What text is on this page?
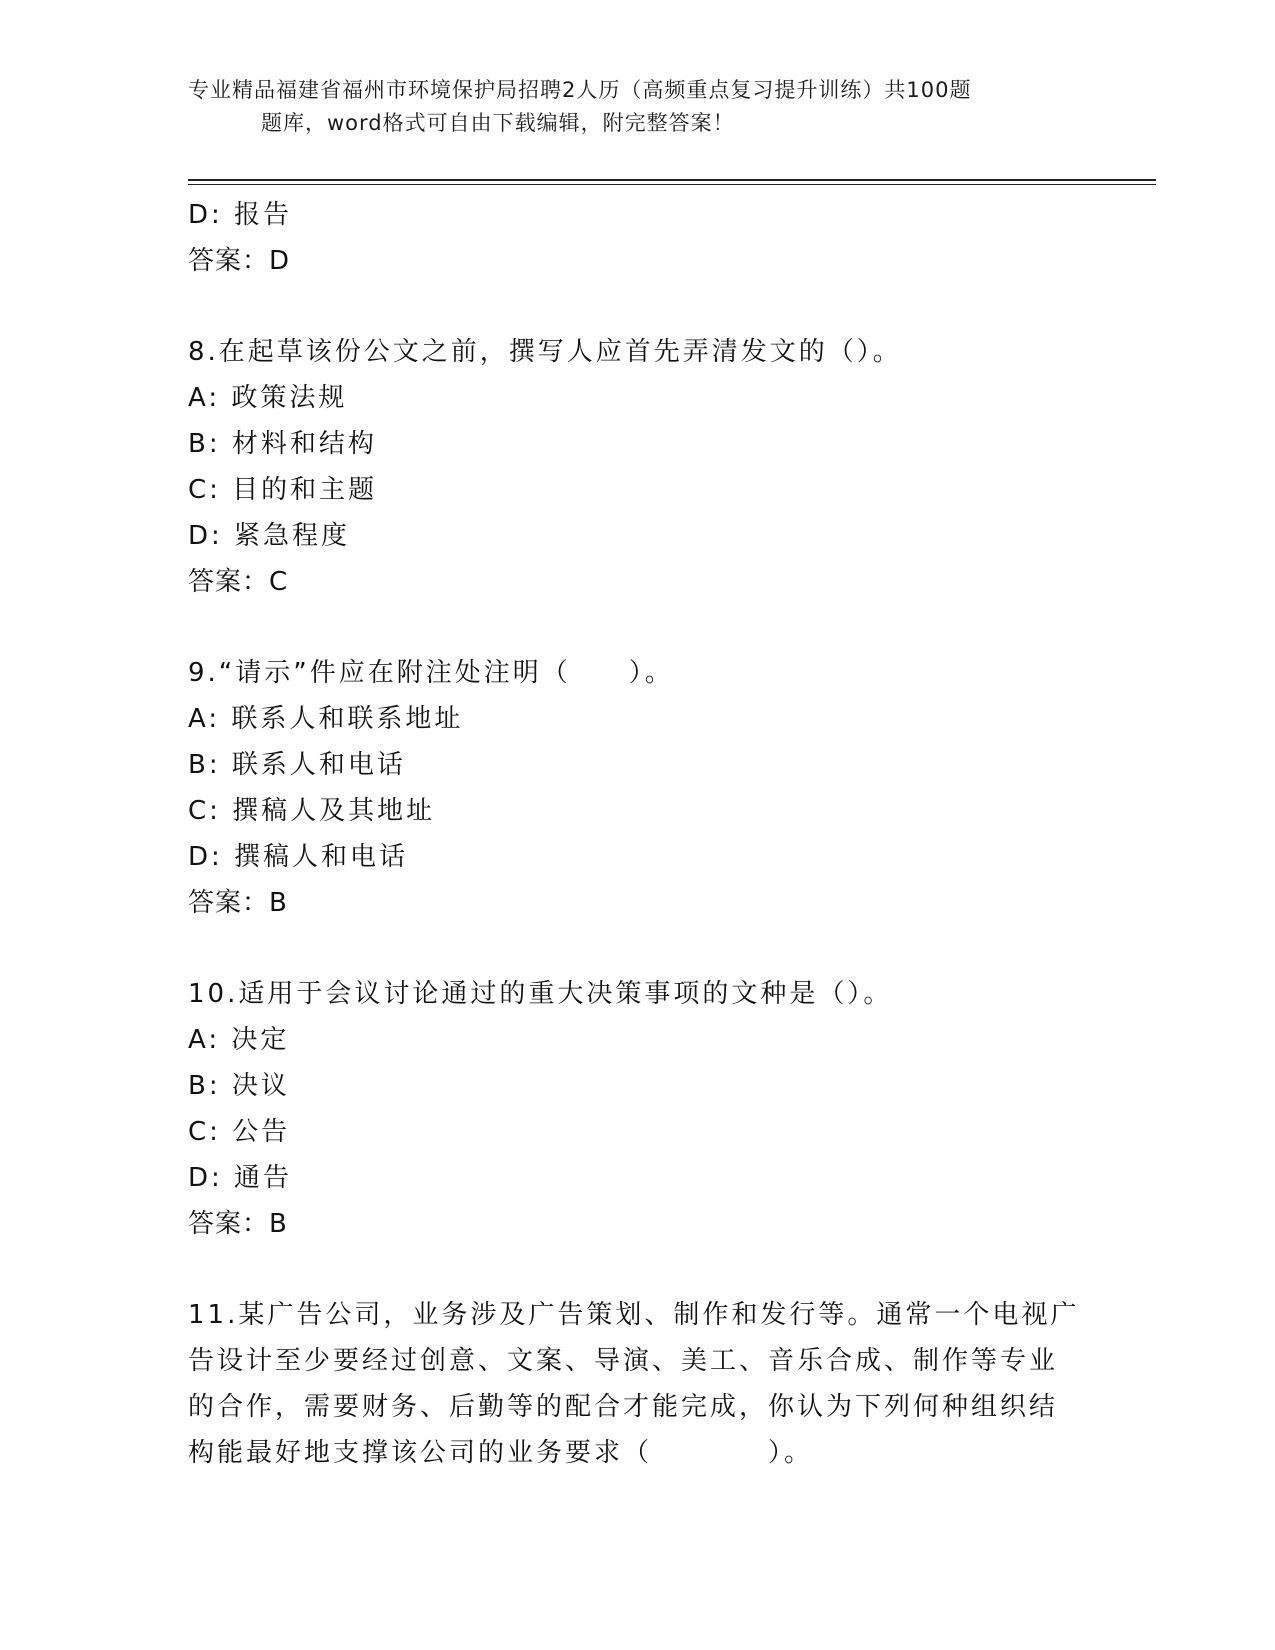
专业精品福建省福州市环境保护局招聘2人历（高频重点复习提升训练）共100题
题库，word格式可自由下载编辑，附完整答案！
D: 报告
答案：D
8.在起草该份公文之前，撰写人应首先弄清发文的（）。
A: 政策法规
B: 材料和结构
C: 目的和主题
D: 紧急程度
答案：C
9.“请示”件应在附注处注明（　　）。
A: 联系人和联系地址
B: 联系人和电话
C: 撰稿人及其地址
D: 撰稿人和电话
答案：B
10.适用于会议讨论通过的重大决策事项的文种是（）。
A: 决定
B: 决议
C: 公告
D: 通告
答案：B
11.某广告公司，业务涉及广告策划、制作和发行等。通常一个电视广
告设计至少要经过创意、文案、导演、美工、音乐合成、制作等专业
的合作，需要财务、后勤等的配合才能完成，你认为下列何种组织结
构能最好地支撑该公司的业务要求（　　　　）。
